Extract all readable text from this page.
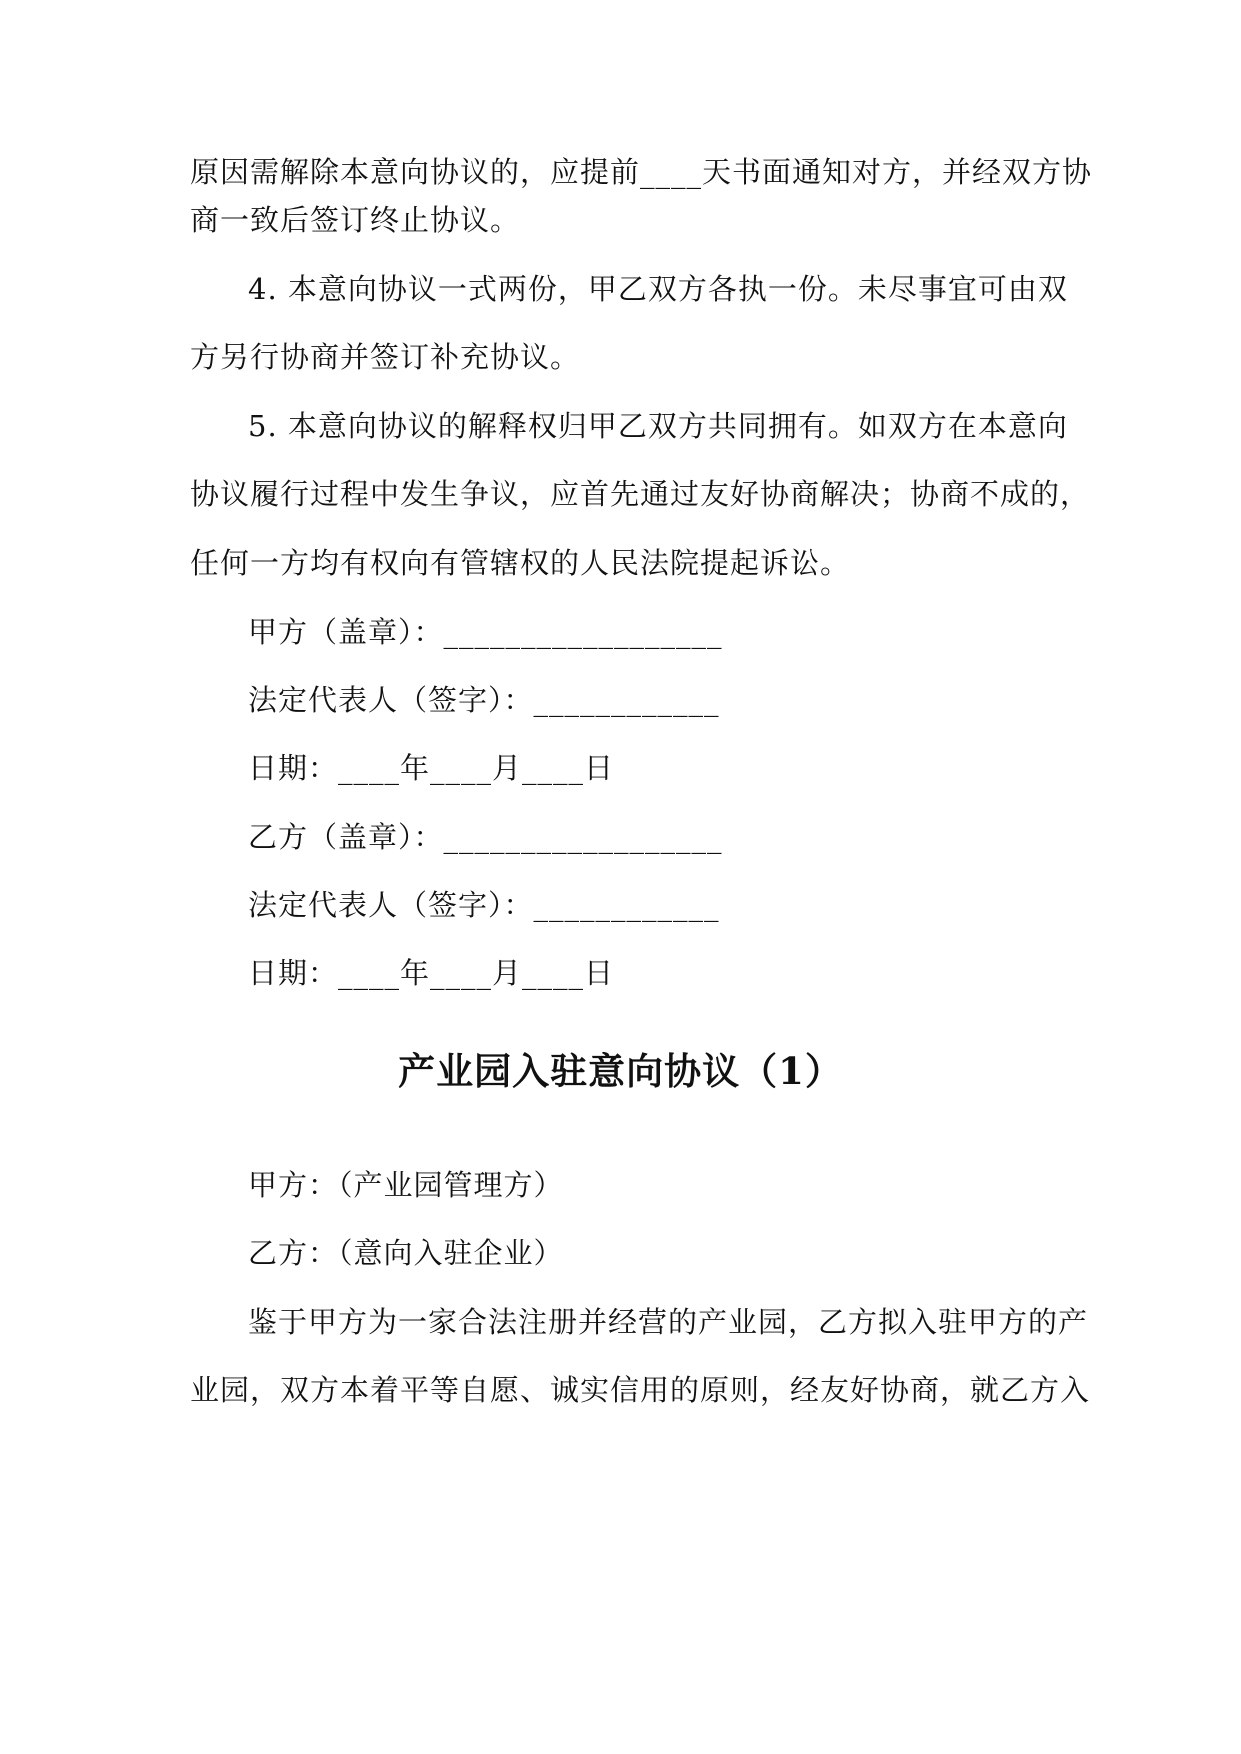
原因需解除本意向协议的，应提前____天书面通知对方，并经双方协
商一致后签订终止协议。
4. 本意向协议一式两份，甲乙双方各执一份。未尽事宜可由双
方另行协商并签订补充协议。
5. 本意向协议的解释权归甲乙双方共同拥有。如双方在本意向
协议履行过程中发生争议，应首先通过友好协商解决；协商不成的，
任何一方均有权向有管辖权的人民法院提起诉讼。
甲方（盖章）：__________________
法定代表人（签字）：____________
日期：____年____月____日
乙方（盖章）：__________________
法定代表人（签字）：____________
日期：____年____月____日
产业园入驻意向协议（1）
甲方：（产业园管理方）
乙方：（意向入驻企业）
鉴于甲方为一家合法注册并经营的产业园，乙方拟入驻甲方的产
业园，双方本着平等自愿、诚实信用的原则，经友好协商，就乙方入
